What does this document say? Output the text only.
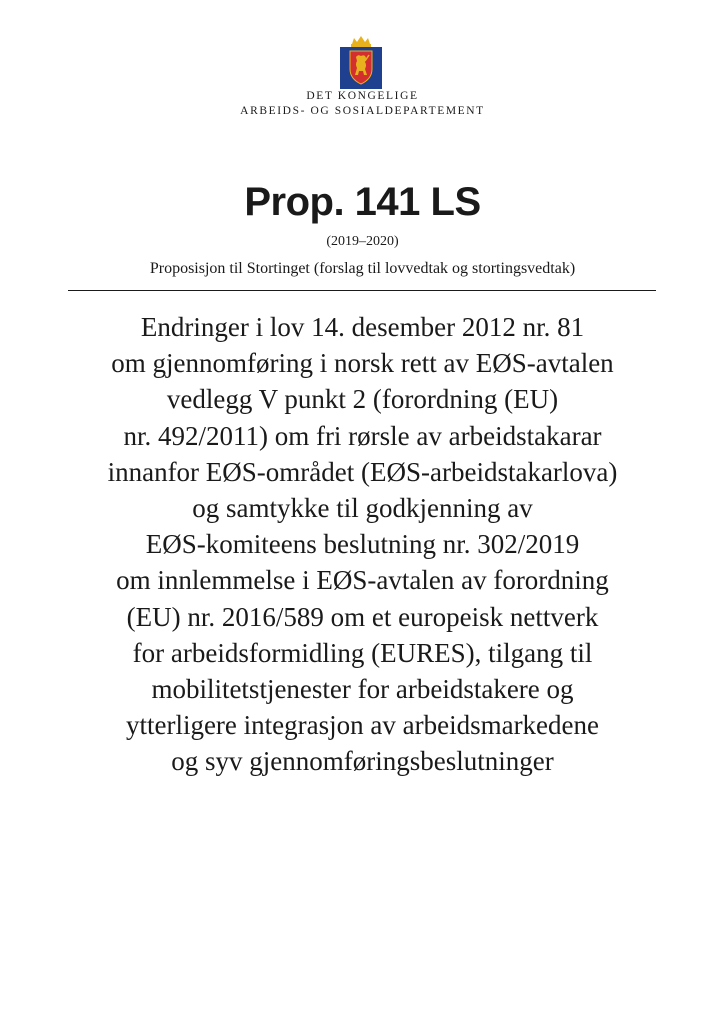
DET KONGELIGE
ARBEIDS- OG SOSIALDEPARTEMENT
Prop. 141 LS
(2019–2020)
Proposisjon til Stortinget (forslag til lovvedtak og stortingsvedtak)
Endringer i lov 14. desember 2012 nr. 81
om gjennomføring i norsk rett av EØS-avtalen
vedlegg V punkt 2 (forordning (EU)
nr. 492/2011) om fri rørsle av arbeidstakarar
innanfor EØS-området (EØS-arbeidstakarlova)
og samtykke til godkjenning av
EØS-komiteens beslutning nr. 302/2019
om innlemmelse i EØS-avtalen av forordning
(EU) nr. 2016/589 om et europeisk nettverk
for arbeidsformidling (EURES), tilgang til
mobilitetstjenester for arbeidstakere og
ytterligere integrasjon av arbeidsmarkedene
og syv gjennomføringsbeslutninger
